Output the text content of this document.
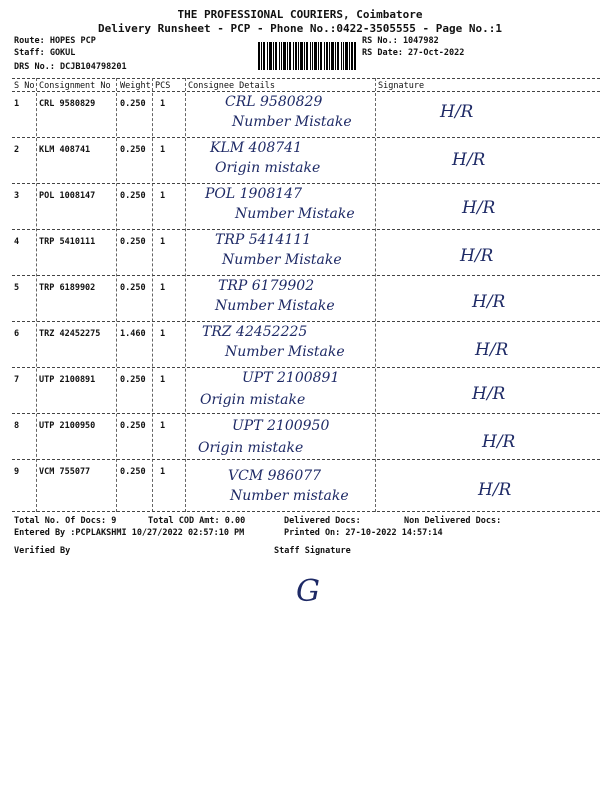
THE PROFESSIONAL COURIERS, Coimbatore
Delivery Runsheet - PCP - Phone No.:0422-3505555 - Page No.:1
Route: HOPES PCP
Staff: GOKUL
DRS No.: DCJB104798201
RS No.: 1047982
RS Date: 27-Oct-2022
S No Consignment No Weight PCS Consignee Details	Signature
1 CRL 9580829	0.250 1	CRL 9580829
Number Mistake	H/R
2 KLM 408741	0.250 1	KLM 408741
Origin mistake	H/R
3 POL 1008147	0.250 1	POL 1908147
Number Mistake	H/R
4 TRP 5410111	0.250 1	TRP 5414111
Number Mistake	H/R
5 TRP 6189902	0.250 1	TRP 6179902
Number Mistake	H/R
6 TRZ 42452275 1.460 1	TRZ 42452225
Number Mistake	H/R
7 UTP 2100891	0.250 1	UPT 2100891
Origin mistake	H/R
8 UTP 2100950	0.250 1	UPT 2100950
Origin mistake	H/R
9 VCM 755077	0.250 1	VCM 986077
Number mistake	H/R
Total No. Of Docs: 9	Total COD Amt: 0.00	Delivered Docs:	Non Delivered Docs:
Entered By :PCPLAKSHMI 10/27/2022 02:57:10 PM	Printed On: 27-10-2022 14:57:14
Verified By	Staff Signature
G
